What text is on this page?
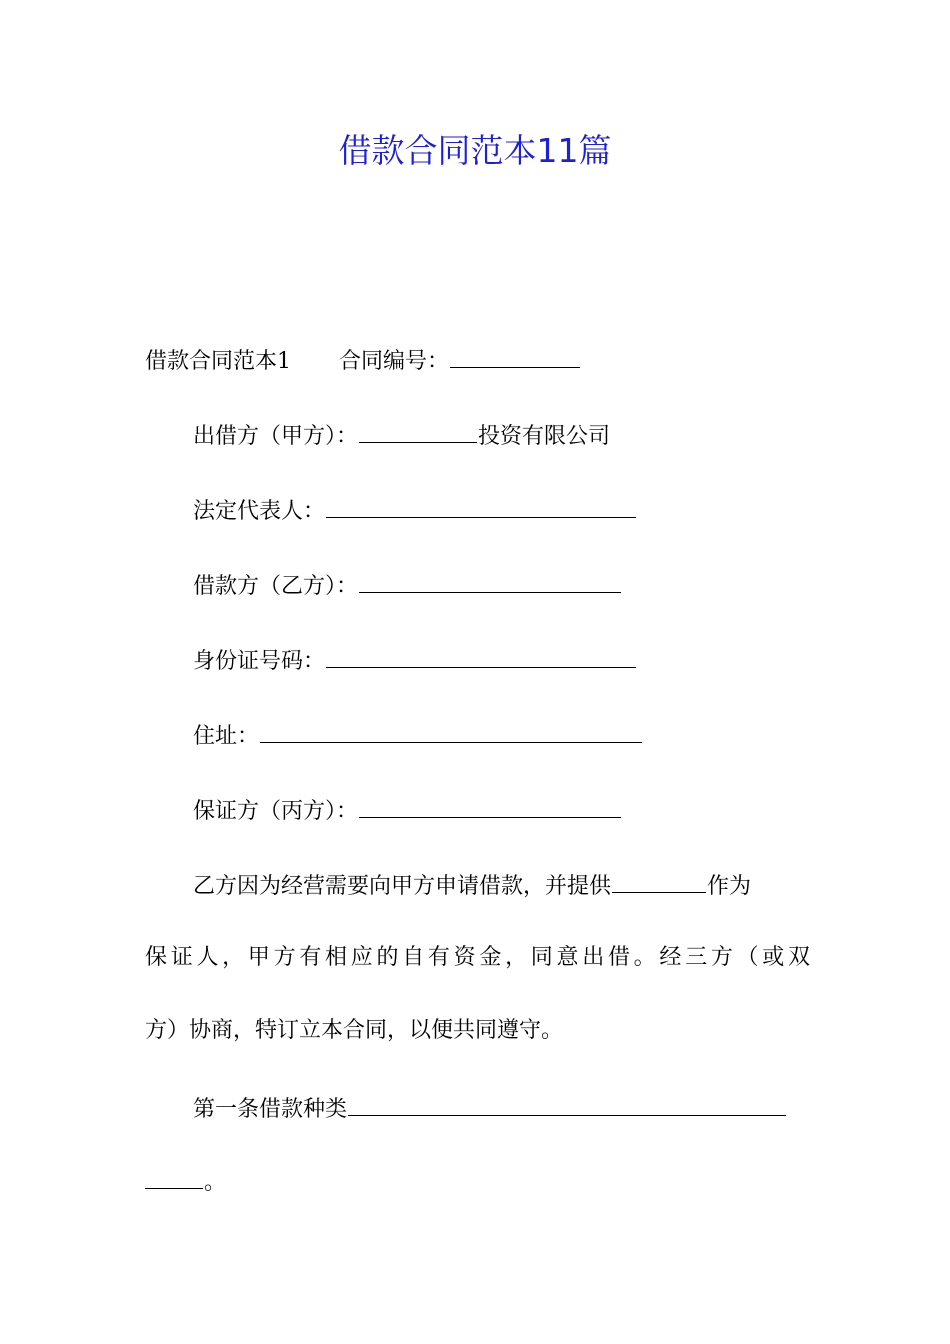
借款合同范本11篇
借款合同范本1 合同编号：
出借方（甲方）：	投资有限公司
法定代表人：
借款方（乙方）：
身份证号码：
住址：
保证方（丙方）：
乙方因为经营需要向甲方申请借款，并提供	作为
保证人，甲方有相应的自有资金，同意出借。经三方（或双
方）协商，特订立本合同，以便共同遵守。
第一条借款种类
。
